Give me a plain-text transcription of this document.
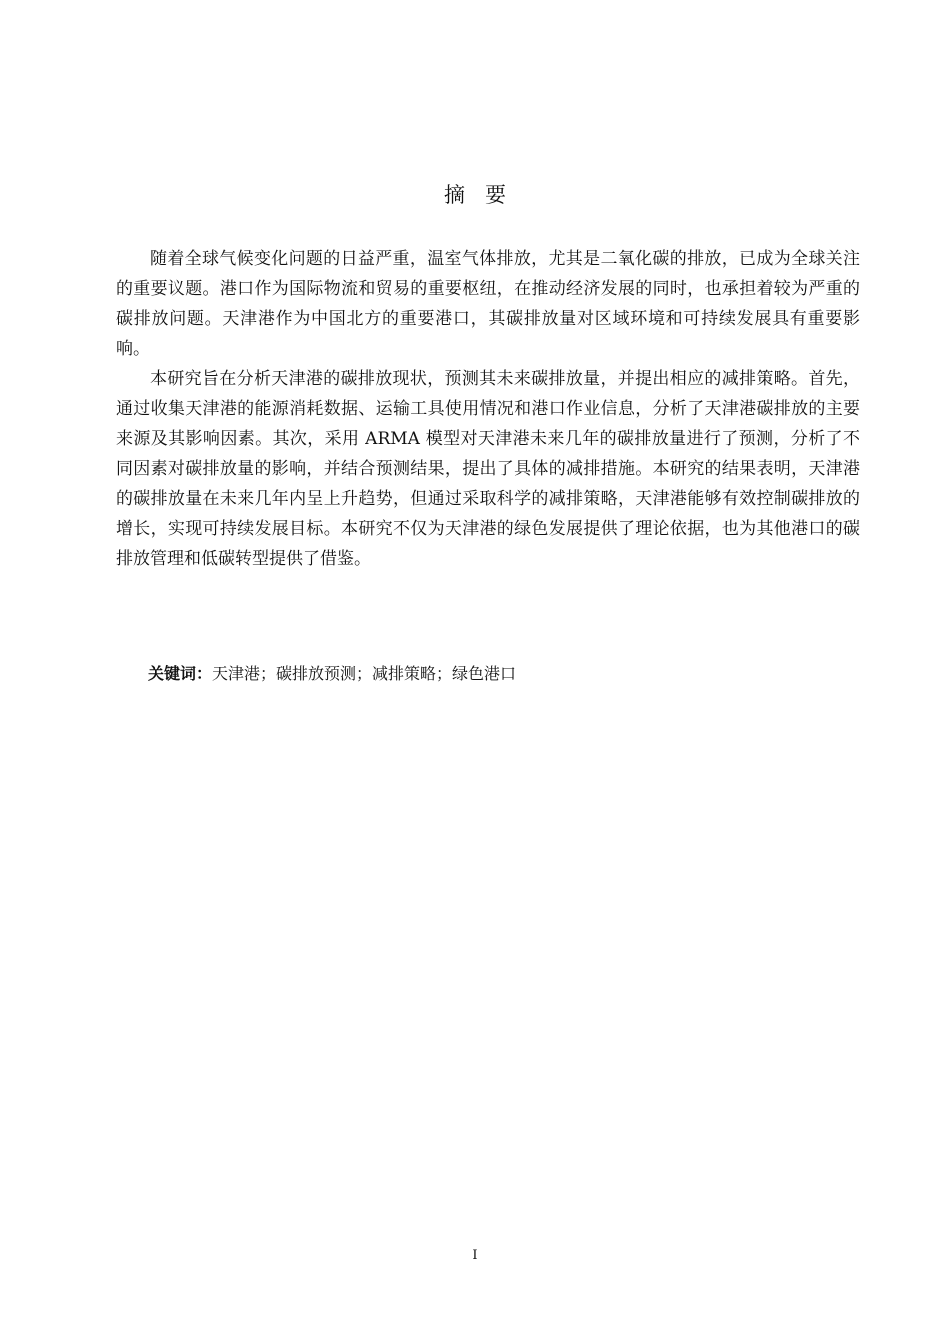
摘要

随着全球气候变化问题的日益严重，温室气体排放，尤其是二氧化碳的排放，已成为全球关注的重要议题。港口作为国际物流和贸易的重要枢纽，在推动经济发展的同时，也承担着较为严重的碳排放问题。天津港作为中国北方的重要港口，其碳排放量对区域环境和可持续发展具有重要影响。

本研究旨在分析天津港的碳排放现状，预测其未来碳排放量，并提出相应的减排策略。首先，通过收集天津港的能源消耗数据、运输工具使用情况和港口作业信息，分析了天津港碳排放的主要来源及其影响因素。其次，采用 ARMA 模型对天津港未来几年的碳排放量进行了预测，分析了不同因素对碳排放量的影响，并结合预测结果，提出了具体的减排措施。本研究的结果表明，天津港的碳排放量在未来几年内呈上升趋势，但通过采取科学的减排策略，天津港能够有效控制碳排放的增长，实现可持续发展目标。本研究不仅为天津港的绿色发展提供了理论依据，也为其他港口的碳排放管理和低碳转型提供了借鉴。

关键词：天津港；碳排放预测；减排策略；绿色港口
I
